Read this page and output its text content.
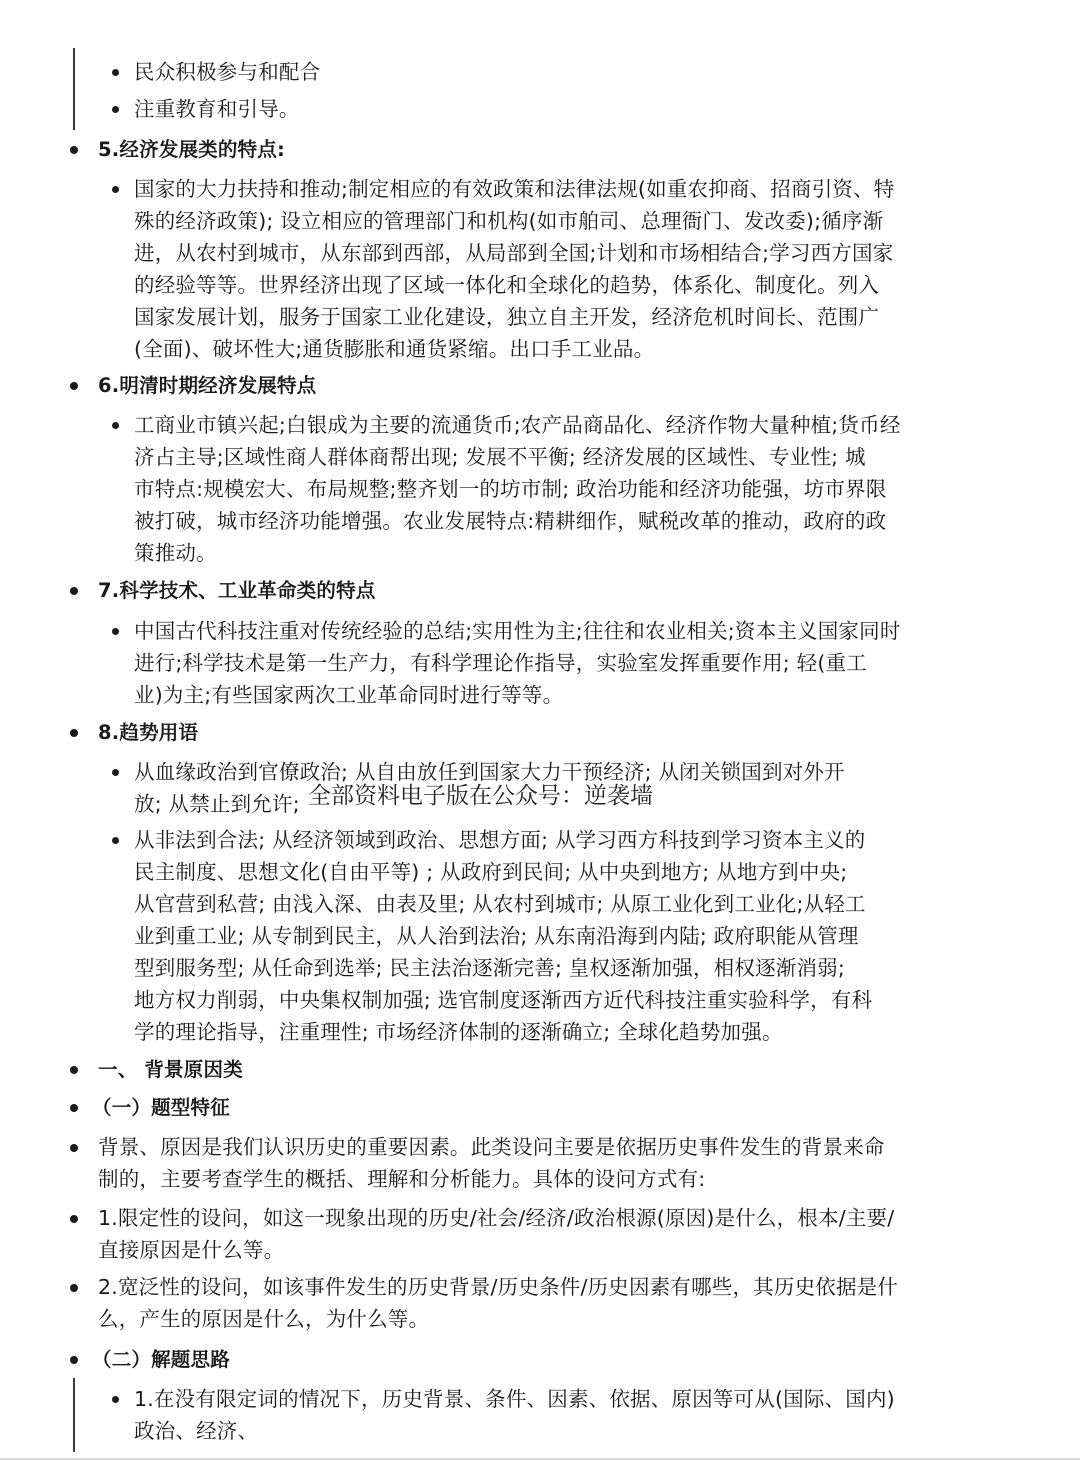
民众积极参与和配合
注重教育和引导。
5.经济发展类的特点:
国家的大力扶持和推动;制定相应的有效政策和法律法规(如重农抑商、招商引资、特
殊的经济政策); 设立相应的管理部门和机构(如市舶司、总理衙门、发改委);循序渐
进，从农村到城市，从东部到西部，从局部到全国;计划和市场相结合;学习西方国家
的经验等等。世界经济出现了区域一体化和全球化的趋势，体系化、制度化。列入
国家发展计划，服务于国家工业化建设，独立自主开发，经济危机时间长、范围广
(全面)、破坏性大;通货膨胀和通货紧缩。出口手工业品。
6.明清时期经济发展特点
工商业市镇兴起;白银成为主要的流通货币;农产品商品化、经济作物大量种植;货币经
济占主导;区域性商人群体商帮出现; 发展不平衡; 经济发展的区域性、专业性; 城
市特点:规模宏大、布局规整;整齐划一的坊市制; 政治功能和经济功能强，坊市界限
被打破，城市经济功能增强。农业发展特点:精耕细作，赋税改革的推动，政府的政
策推动。
7.科学技术、工业革命类的特点
中国古代科技注重对传统经验的总结;实用性为主;往往和农业相关;资本主义国家同时
进行;科学技术是第一生产力，有科学理论作指导，实验室发挥重要作用; 轻(重工
业)为主;有些国家两次工业革命同时进行等等。
8.趋势用语
从血缘政治到官僚政治; 从自由放任到国家大力干预经济; 从闭关锁国到对外开
放; 从禁止到允许; 全部资料电子版在公众号：逆袭墙
从非法到合法; 从经济领域到政治、思想方面; 从学习西方科技到学习资本主义的
民主制度、思想文化(自由平等) ; 从政府到民间; 从中央到地方; 从地方到中央;
从官营到私营; 由浅入深、由表及里; 从农村到城市; 从原工业化到工业化;从轻工
业到重工业; 从专制到民主，从人治到法治; 从东南沿海到内陆; 政府职能从管理
型到服务型; 从任命到选举; 民主法治逐渐完善; 皇权逐渐加强，相权逐渐消弱;
地方权力削弱，中央集权制加强; 选官制度逐渐西方近代科技注重实验科学，有科
学的理论指导，注重理性; 市场经济体制的逐渐确立; 全球化趋势加强。
一、 背景原因类
（一）题型特征
背景、原因是我们认识历史的重要因素。此类设问主要是依据历史事件发生的背景来命
制的，主要考查学生的概括、理解和分析能力。具体的设问方式有:
1.限定性的设问，如这一现象出现的历史/社会/经济/政治根源(原因)是什么，根本/主要/
直接原因是什么等。
2.宽泛性的设问，如该事件发生的历史背景/历史条件/历史因素有哪些，其历史依据是什
么，产生的原因是什么，为什么等。
（二）解题思路
1.在没有限定词的情况下，历史背景、条件、因素、依据、原因等可从(国际、国内)
政治、经济、
